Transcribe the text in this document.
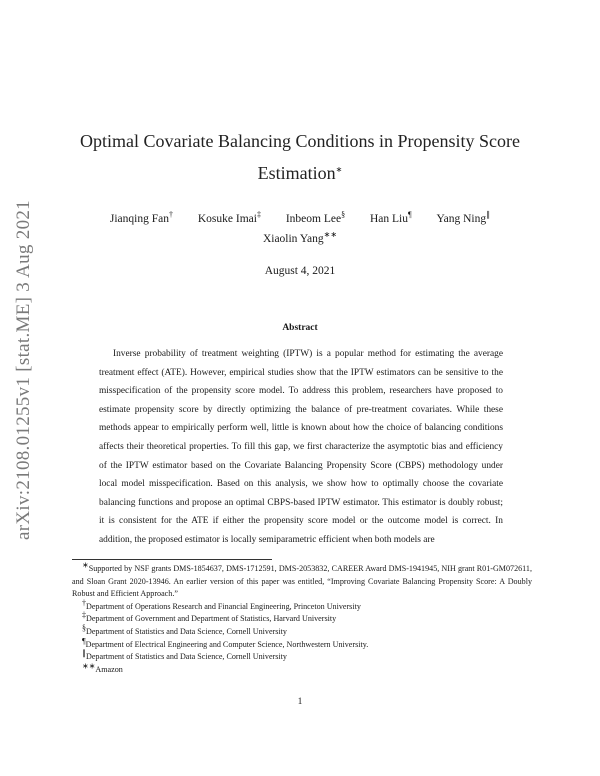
arXiv:2108.01255v1 [stat.ME] 3 Aug 2021
Optimal Covariate Balancing Conditions in Propensity Score
Estimation∗
Jianqing Fan† Kosuke Imai‡ Inbeom Lee§ Han Liu¶ Yang Ning∥
Xiaolin Yang∗∗
August 4, 2021
Abstract
Inverse probability of treatment weighting (IPTW) is a popular method for estimating the average treatment effect (ATE). However, empirical studies show that the IPTW estimators can be sensitive to the misspecification of the propensity score model. To address this problem, researchers have proposed to estimate propensity score by directly optimizing the balance of pre-treatment covariates. While these methods appear to empirically perform well, little is known about how the choice of balancing conditions affects their theoretical properties. To fill this gap, we first characterize the asymptotic bias and efficiency of the IPTW estimator based on the Covariate Balancing Propensity Score (CBPS) methodology under local model misspecification. Based on this analysis, we show how to optimally choose the covariate balancing functions and propose an optimal CBPS-based IPTW estimator. This estimator is doubly robust; it is consistent for the ATE if either the propensity score model or the outcome model is correct. In addition, the proposed estimator is locally semiparametric efficient when both models are

∗Supported by NSF grants DMS-1854637, DMS-1712591, DMS-2053832, CAREER Award DMS-1941945, NIH grant R01-GM072611, and Sloan Grant 2020-13946. An earlier version of this paper was entitled, “Improving Covariate Balancing Propensity Score: A Doubly Robust and Efficient Approach.”

†Department of Operations Research and Financial Engineering, Princeton University

‡Department of Government and Department of Statistics, Harvard University

§Department of Statistics and Data Science, Cornell University

¶Department of Electrical Engineering and Computer Science, Northwestern University.

∥Department of Statistics and Data Science, Cornell University

∗∗Amazon

1
